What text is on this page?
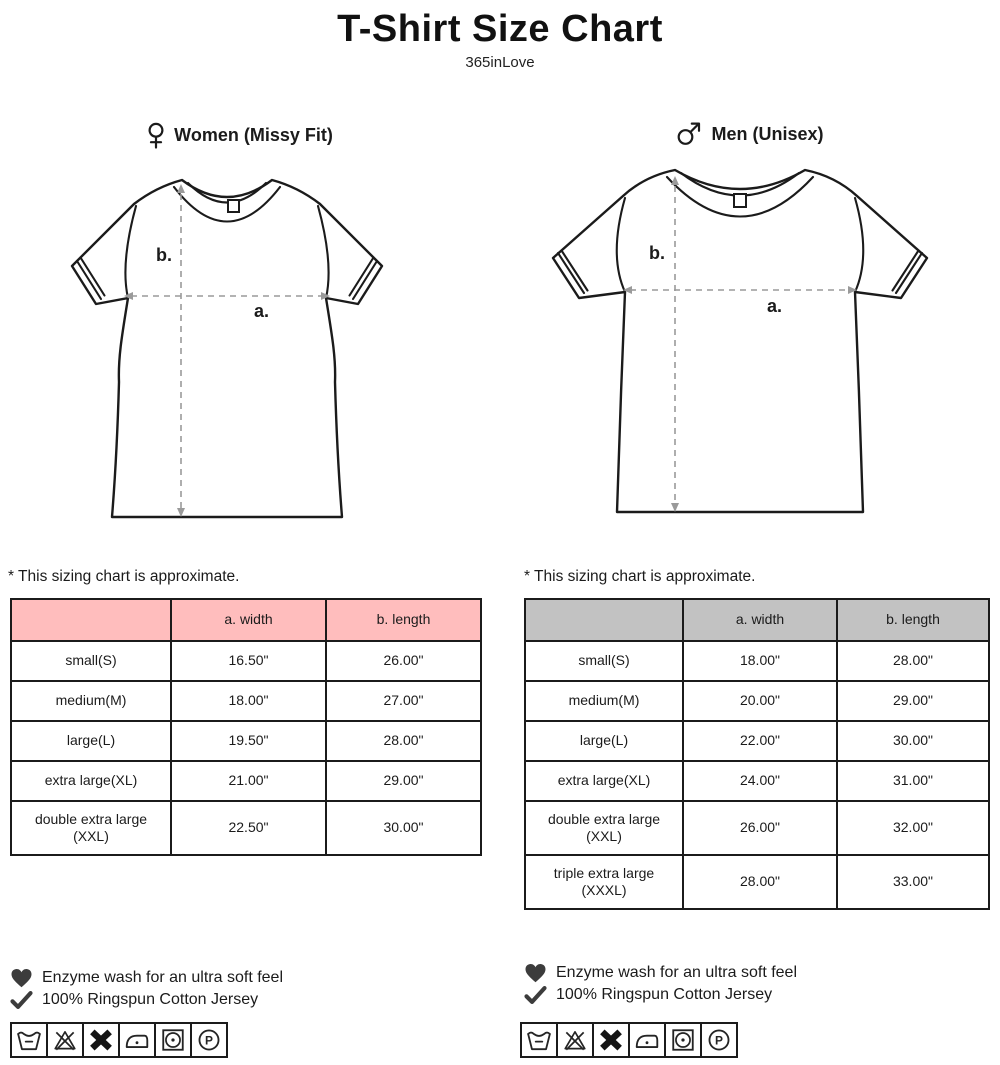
T-Shirt Size Chart
365inLove
Women (Missy Fit)	Men (Unisex)
b.
a.
b.
a.
* This sizing chart is approximate.	* This sizing chart is approximate.
	a. width	b. length
small(S)	16.50"	26.00"
medium(M)	18.00"	27.00"
large(L)	19.50"	28.00"
extra large(XL)	21.00"	29.00"
double extra large (XXL)	22.50"	30.00"
	a. width	b. length
small(S)	18.00"	28.00"
medium(M)	20.00"	29.00"
large(L)	22.00"	30.00"
extra large(XL)	24.00"	31.00"
double extra large (XXL)	26.00"	32.00"
triple extra large (XXXL)	28.00"	33.00"
Enzyme wash for an ultra soft feel
100% Ringspun Cotton Jersey
Enzyme wash for an ultra soft feel
100% Ringspun Cotton Jersey
P	P
